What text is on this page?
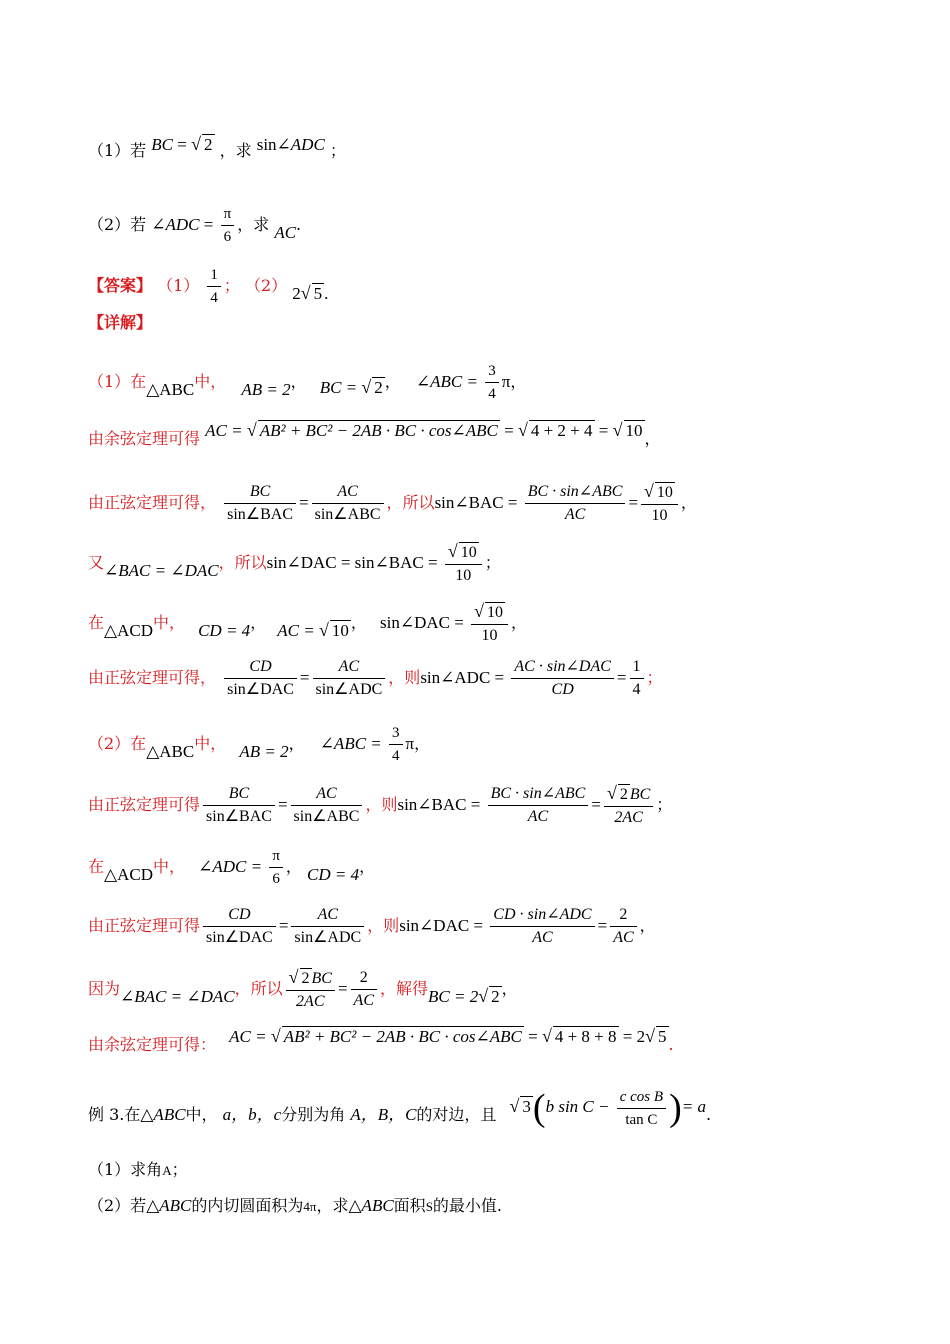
（1）若 BC = √ 2 ，求 sin∠ADC ；
（2）若 ∠ADC = $\frac{\pi}{6}$ ，求 AC.
【答案】 $(1) \frac{1}{4}$ ； （2） 2√ 5 .
【详解】
（1）在△ABC中， AB = 2， BC = √ 2 ， ∠ABC = $\frac{3}{4}$ π，
由余弦定理可得 AC = √ AB² + BC² − 2AB · BC · cos∠ABC = √ 4 + 2 + 4 = √ 10 ，
由正弦定理可得， $\frac{BC}{\text{sin∠BAC}} = \frac{AC}{\text{sin∠ABC}}$ ，所以sin∠BAC = $\frac{\text{BC · sin∠ABC}}{AC} = \frac{√ 10}{10}$ ，
又∠BAC = ∠DAC，所以sin∠DAC = sin∠BAC = $\frac{√ 10}{10}$ ；
在△ACD中， CD = 4， AC = √ 10 ， sin∠DAC = $\frac{√ 10}{10}$ ，
由正弦定理可得， $\frac{CD}{\text{sin∠DAC}} = \frac{AC}{\text{sin∠ADC}}$ ，则sin∠ADC = $\frac{\text{AC · sin∠DAC}}{CD} = \frac{1}{4}$ ；
（2）在△ABC中， AB = 2， ∠ABC = $\frac{3}{4}$ π，
由正弦定理可得 $\frac{BC}{\text{sin∠BAC}} = \frac{AC}{\text{sin∠ABC}}$ ，则sin∠BAC = $\frac{\text{BC · sin∠ABC}}{AC} = \frac{√ 2 BC}{2AC}$ ；
在△ACD中， ∠ADC = $\frac{\pi}{6}$ ， CD = 4，
由正弦定理可得 $\frac{CD}{\text{sin∠DAC}} = \frac{AC}{\text{sin∠ADC}}$ ，则sin∠DAC = $\frac{\text{CD · sin∠ADC}}{AC} = \frac{2}{AC}$ ，
因为∠BAC = ∠DAC，所以 $\frac{√ 2 BC}{2AC} = \frac{2}{AC}$ ，解得BC = 2√ 2 ，
由余弦定理可得： AC = √ AB² + BC² − 2AB · BC · cos∠ABC = √ 4 + 8 + 8 = 2√ 5 .
例 3.在△ABC中， a，b，c分别为角 A，B，C的对边，且 √ 3(b $\sin C - \frac{\text{c cos B}}{\text{tan C}}$ )= a.
（1）求角A；
（2）若△ABC的内切圆面积为4π，求△ABC面积S的最小值.
